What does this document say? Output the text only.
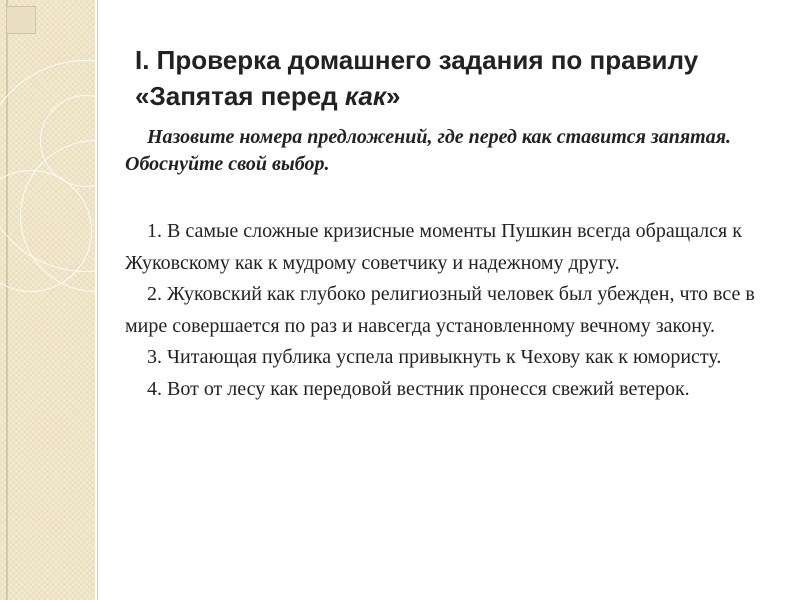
I. Проверка домашнего задания по правилу «Запятая перед как»

Назовите номера предложений, где перед как ставится запятая. Обоснуйте свой выбор.

1. В самые сложные кризисные моменты Пушкин всегда обращался к Жуковскому как к мудрому советчику и надежному другу.

2. Жуковский как глубоко религиозный человек был убежден, что все в мире совершается по раз и навсегда установленному вечному закону.

3. Читающая публика успела привыкнуть к Чехову как к юмористу.

4. Вот от лесу как передовой вестник пронесся свежий ветерок.
